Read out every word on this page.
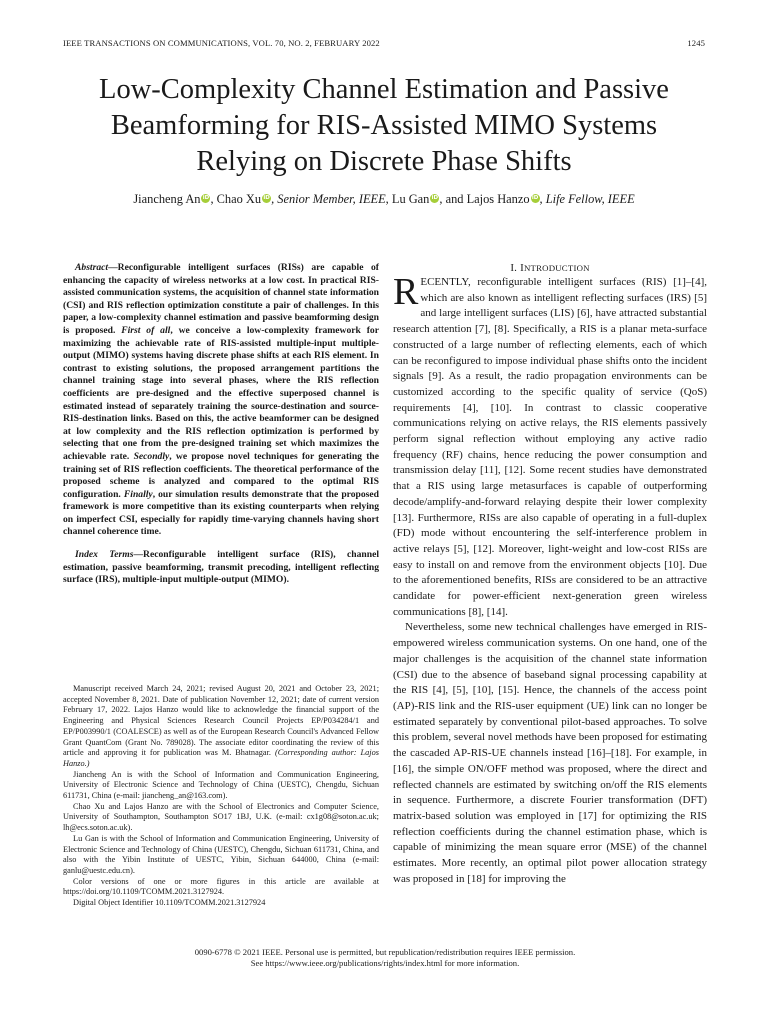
IEEE TRANSACTIONS ON COMMUNICATIONS, VOL. 70, NO. 2, FEBRUARY 2022	1245
Low-Complexity Channel Estimation and Passive
Beamforming for RIS-Assisted MIMO Systems
Relying on Discrete Phase Shifts
Jiancheng An iD, Chao Xu iD, Senior Member, IEEE, Lu Gan iD, and Lajos Hanzo iD, Life Fellow, IEEE

Abstract—Reconfigurable intelligent surfaces (RISs) are capable of enhancing the capacity of wireless networks at a low cost. In practical RIS-assisted communication systems, the acquisition of channel state information (CSI) and RIS reflection optimization constitute a pair of challenges. In this paper, a low-complexity channel estimation and passive beamforming design is proposed. First of all, we conceive a low-complexity framework for maximizing the achievable rate of RIS-assisted multiple-input multiple-output (MIMO) systems having discrete phase shifts at each RIS element. In contrast to existing solutions, the proposed arrangement partitions the channel training stage into several phases, where the RIS reflection coefficients are pre-designed and the effective superposed channel is estimated instead of separately training the source-destination and source-RIS-destination links. Based on this, the active beamformer can be designed at low complexity and the RIS reflection optimization is performed by selecting that one from the pre-designed training set which maximizes the achievable rate. Secondly, we propose novel techniques for generating the training set of RIS reflection coefficients. The theoretical performance of the proposed scheme is analyzed and compared to the optimal RIS configuration. Finally, our simulation results demonstrate that the proposed framework is more competitive than its existing counterparts when relying on imperfect CSI, especially for rapidly time-varying channels having short channel coherence time.

Index Terms—Reconfigurable intelligent surface (RIS), channel estimation, passive beamforming, transmit precoding, intelligent reflecting surface (IRS), multiple-input multiple-output (MIMO).

Manuscript received March 24, 2021; revised August 20, 2021 and October 23, 2021; accepted November 8, 2021. Date of publication November 12, 2021; date of current version February 17, 2022. Lajos Hanzo would like to acknowledge the financial support of the Engineering and Physical Sciences Research Council Projects EP/P034284/1 and EP/P003990/1 (COALESCE) as well as of the European Research Council's Advanced Fellow Grant QuantCom (Grant No. 789028). The associate editor coordinating the review of this article and approving it for publication was M. Bhatnagar. (Corresponding author: Lajos Hanzo.)

Jiancheng An is with the School of Information and Communication Engineering, University of Electronic Science and Technology of China (UESTC), Chengdu, Sichuan 611731, China (e-mail: jiancheng_an@163.com).

Chao Xu and Lajos Hanzo are with the School of Electronics and Computer Science, University of Southampton, Southampton SO17 1BJ, U.K. (e-mail: cx1g08@soton.ac.uk; lh@ecs.soton.ac.uk).

Lu Gan is with the School of Information and Communication Engineering, University of Electronic Science and Technology of China (UESTC), Chengdu, Sichuan 611731, China, and also with the Yibin Institute of UESTC, Yibin, Sichuan 644000, China (e-mail: ganlu@uestc.edu.cn).

Color versions of one or more figures in this article are available at https://doi.org/10.1109/TCOMM.2021.3127924.

Digital Object Identifier 10.1109/TCOMM.2021.3127924

I. INTRODUCTION

RECENTLY, reconfigurable intelligent surfaces (RIS) [1]–[4], which are also known as intelligent reflecting surfaces (IRS) [5] and large intelligent surfaces (LIS) [6], have attracted substantial research attention [7], [8]. Specifically, a RIS is a planar meta-surface constructed of a large number of reflecting elements, each of which can be reconfigured to impose individual phase shifts onto the incident signals [9]. As a result, the radio propagation environments can be customized according to the specific quality of service (QoS) requirements [4], [10]. In contrast to classic cooperative communications relying on active relays, the RIS elements passively perform signal reflection without employing any active radio frequency (RF) chains, hence reducing the power consumption and transmission delay [11], [12]. Some recent studies have demonstrated that a RIS using large metasurfaces is capable of outperforming decode/amplify-and-forward relaying despite their lower complexity [13]. Furthermore, RISs are also capable of operating in a full-duplex (FD) mode without encountering the self-interference problem in active relays [5], [12]. Moreover, light-weight and low-cost RISs are easy to install on and remove from the environment objects [10]. Due to the aforementioned benefits, RISs are considered to be an attractive candidate for power-efficient next-generation green wireless communications [8], [14].

Nevertheless, some new technical challenges have emerged in RIS-empowered wireless communication systems. On one hand, one of the major challenges is the acquisition of the channel state information (CSI) due to the absence of baseband signal processing capability at the RIS [4], [5], [10], [15]. Hence, the channels of the access point (AP)-RIS link and the RIS-user equipment (UE) link can no longer be estimated separately by conventional pilot-based approaches. To solve this problem, several novel methods have been proposed for estimating the cascaded AP-RIS-UE channels instead [16]–[18]. For example, in [16], the simple ON/OFF method was proposed, where the direct and reflected channels are estimated by switching on/off the RIS elements in sequence. Furthermore, a discrete Fourier transformation (DFT) matrix-based solution was employed in [17] for optimizing the RIS reflection coefficients during the channel estimation phase, which is capable of minimizing the mean square error (MSE) of the channel estimates. More recently, an optimal pilot power allocation strategy was proposed in [18] for improving the

0090-6778 © 2021 IEEE. Personal use is permitted, but republication/redistribution requires IEEE permission.
See https://www.ieee.org/publications/rights/index.html for more information.
